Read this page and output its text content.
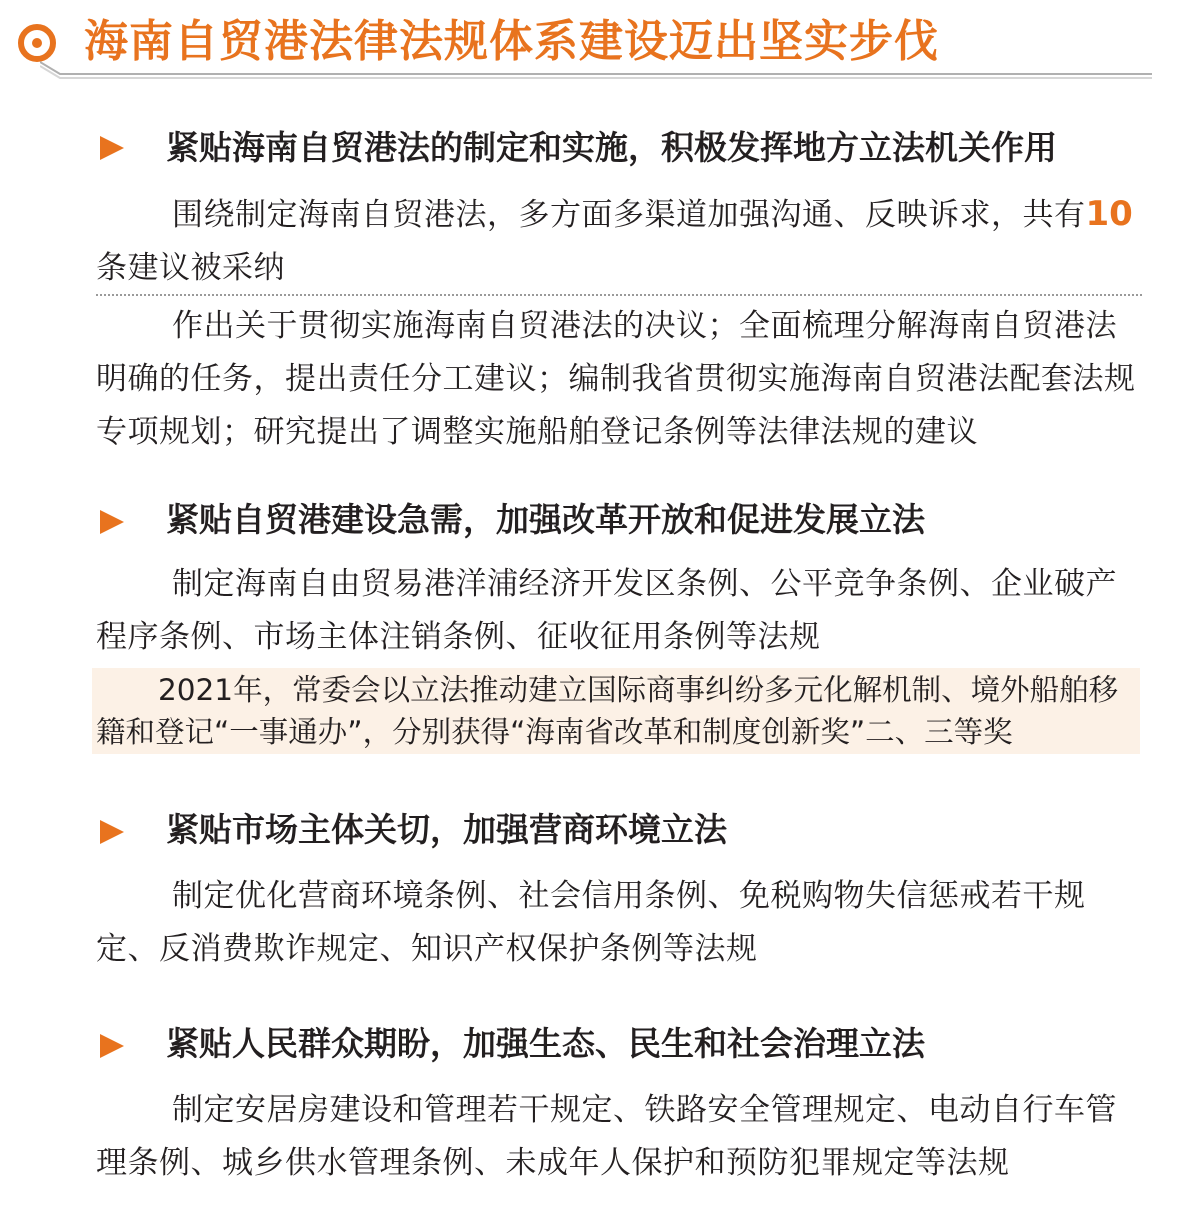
海南自贸港法律法规体系建设迈出坚实步伐
紧贴海南自贸港法的制定和实施，积极发挥地方立法机关作用

围绕制定海南自贸港法，多方面多渠道加强沟通、反映诉求，共有10条建议被采纳

作出关于贯彻实施海南自贸港法的决议；全面梳理分解海南自贸港法明确的任务，提出责任分工建议；编制我省贯彻实施海南自贸港法配套法规专项规划；研究提出了调整实施船舶登记条例等法律法规的建议

紧贴自贸港建设急需，加强改革开放和促进发展立法

制定海南自由贸易港洋浦经济开发区条例、公平竞争条例、企业破产程序条例、市场主体注销条例、征收征用条例等法规

2021年，常委会以立法推动建立国际商事纠纷多元化解机制、境外船舶移籍和登记“一事通办”，分别获得“海南省改革和制度创新奖”二、三等奖

紧贴市场主体关切，加强营商环境立法

制定优化营商环境条例、社会信用条例、免税购物失信惩戒若干规定、反消费欺诈规定、知识产权保护条例等法规

紧贴人民群众期盼，加强生态、民生和社会治理立法

制定安居房建设和管理若干规定、铁路安全管理规定、电动自行车管理条例、城乡供水管理条例、未成年人保护和预防犯罪规定等法规
